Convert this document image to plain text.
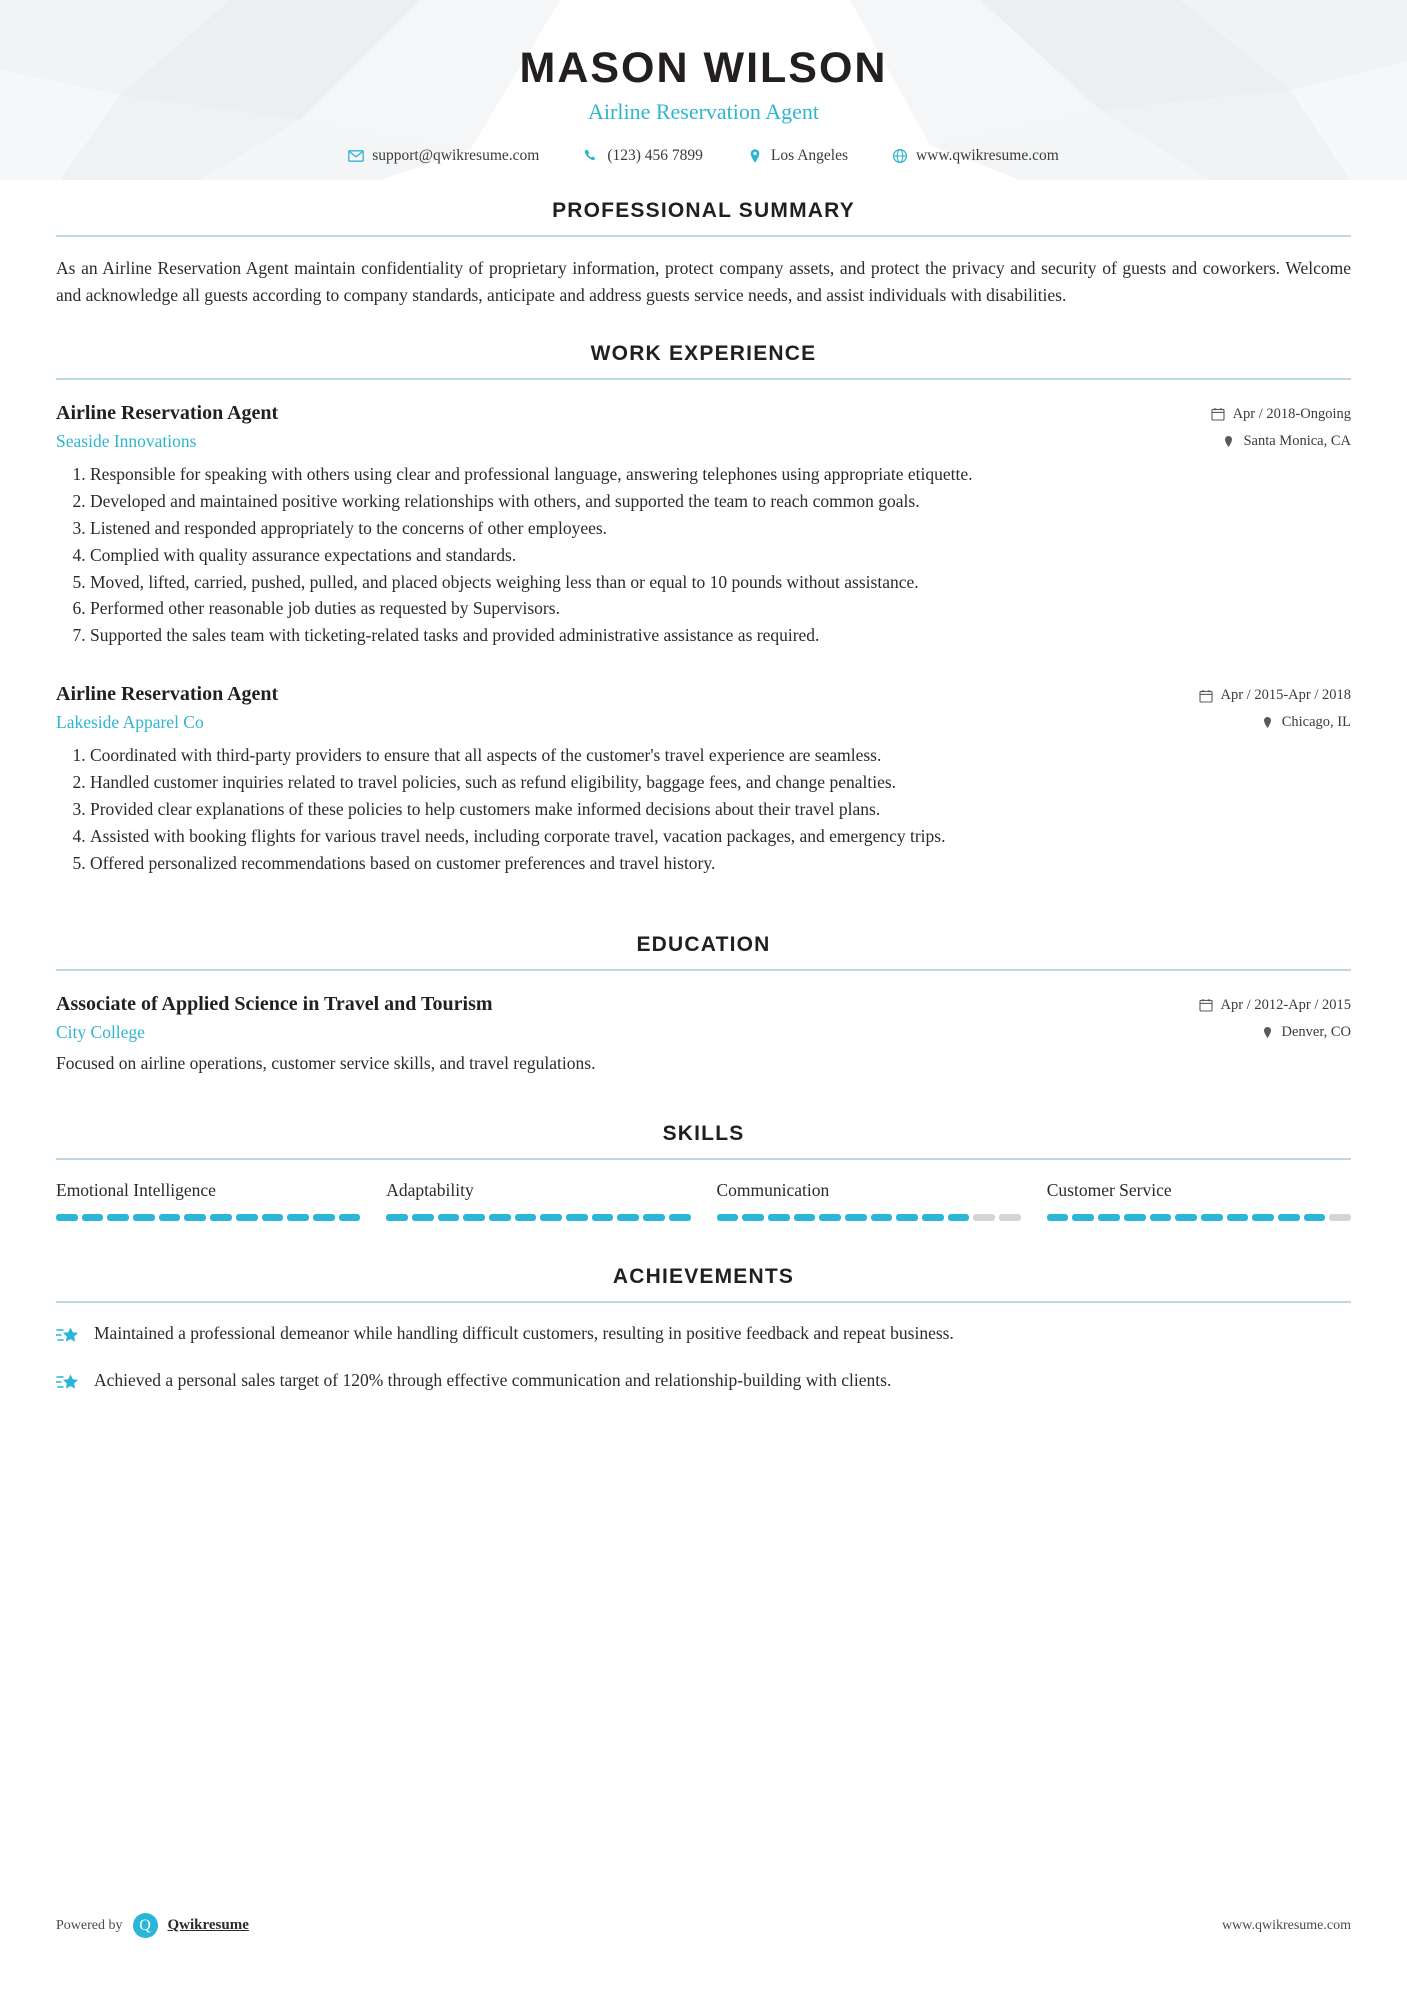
MASON WILSON
Airline Reservation Agent
support@qwikresume.com	(123) 456 7899	Los Angeles	www.qwikresume.com
PROFESSIONAL SUMMARY
As an Airline Reservation Agent maintain confidentiality of proprietary information, protect company assets, and protect the privacy and security of guests and coworkers. Welcome and acknowledge all guests according to company standards, anticipate and address guests service needs, and assist individuals with disabilities.
WORK EXPERIENCE
Airline Reservation Agent
Seaside Innovations
Apr / 2018-Ongoing
Santa Monica, CA
1. Responsible for speaking with others using clear and professional language, answering telephones using appropriate etiquette.
2. Developed and maintained positive working relationships with others, and supported the team to reach common goals.
3. Listened and responded appropriately to the concerns of other employees.
4. Complied with quality assurance expectations and standards.
5. Moved, lifted, carried, pushed, pulled, and placed objects weighing less than or equal to 10 pounds without assistance.
6. Performed other reasonable job duties as requested by Supervisors.
7. Supported the sales team with ticketing-related tasks and provided administrative assistance as required.
Airline Reservation Agent
Lakeside Apparel Co
Apr / 2015-Apr / 2018
Chicago, IL
1. Coordinated with third-party providers to ensure that all aspects of the customer's travel experience are seamless.
2. Handled customer inquiries related to travel policies, such as refund eligibility, baggage fees, and change penalties.
3. Provided clear explanations of these policies to help customers make informed decisions about their travel plans.
4. Assisted with booking flights for various travel needs, including corporate travel, vacation packages, and emergency trips.
5. Offered personalized recommendations based on customer preferences and travel history.
EDUCATION
Associate of Applied Science in Travel and Tourism
City College
Apr / 2012-Apr / 2015
Denver, CO
Focused on airline operations, customer service skills, and travel regulations.
SKILLS
Emotional Intelligence	Adaptability	Communication	Customer Service
ACHIEVEMENTS
Maintained a professional demeanor while handling difficult customers, resulting in positive feedback and repeat business.
Achieved a personal sales target of 120% through effective communication and relationship-building with clients.
Powered by	Q	Qwikresume	www.qwikresume.com
